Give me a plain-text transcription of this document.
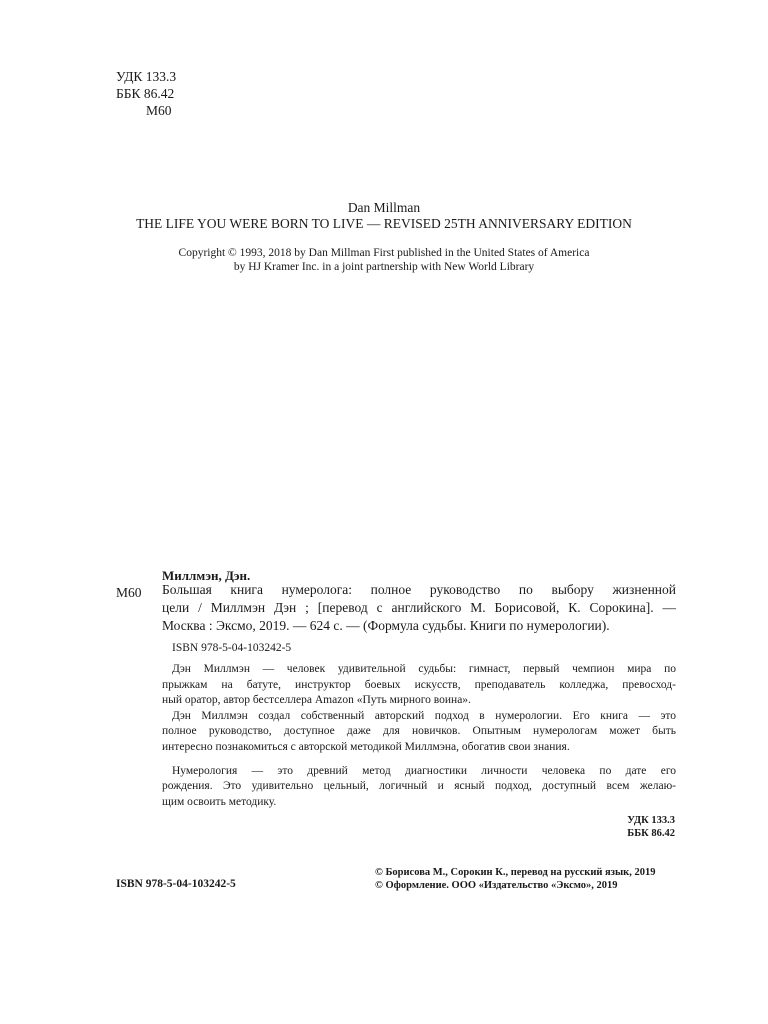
УДК 133.3
ББК 86.42
М60
Dan Millman
THE LIFE YOU WERE BORN TO LIVE — REVISED 25TH ANNIVERSARY EDITION
Copyright © 1993, 2018 by Dan Millman First published in the United States of America
by HJ Kramer Inc. in a joint partnership with New World Library
Миллмэн, Дэн.
М60 Большая книга нумеролога: полное руководство по выбору жизненной
цели / Миллмэн Дэн ; [перевод с английского М. Борисовой, К. Сорокина]. —
Москва : Эксмо, 2019. — 624 с. — (Формула судьбы. Книги по нумерологии).
ISBN 978-5-04-103242-5
Дэн Миллмэн — человек удивительной судьбы: гимнаст, первый чемпион мира по
прыжкам на батуте, инструктор боевых искусств, преподаватель колледжа, превосход-
ный оратор, автор бестселлера Amazon «Путь мирного воина».
Дэн Миллмэн создал собственный авторский подход в нумерологии. Его книга — это
полное руководство, доступное даже для новичков. Опытным нумерологам может быть
интересно познакомиться с авторской методикой Миллмэна, обогатив свои знания.
Нумерология — это древний метод диагностики личности человека по дате его
рождения. Это удивительно цельный, логичный и ясный подход, доступный всем желаю-
щим освоить методику.
УДК 133.3
ББК 86.42
ISBN 978-5-04-103242-5
© Борисова М., Сорокин К., перевод на русский язык, 2019
© Оформление. ООО «Издательство «Эксмо», 2019
